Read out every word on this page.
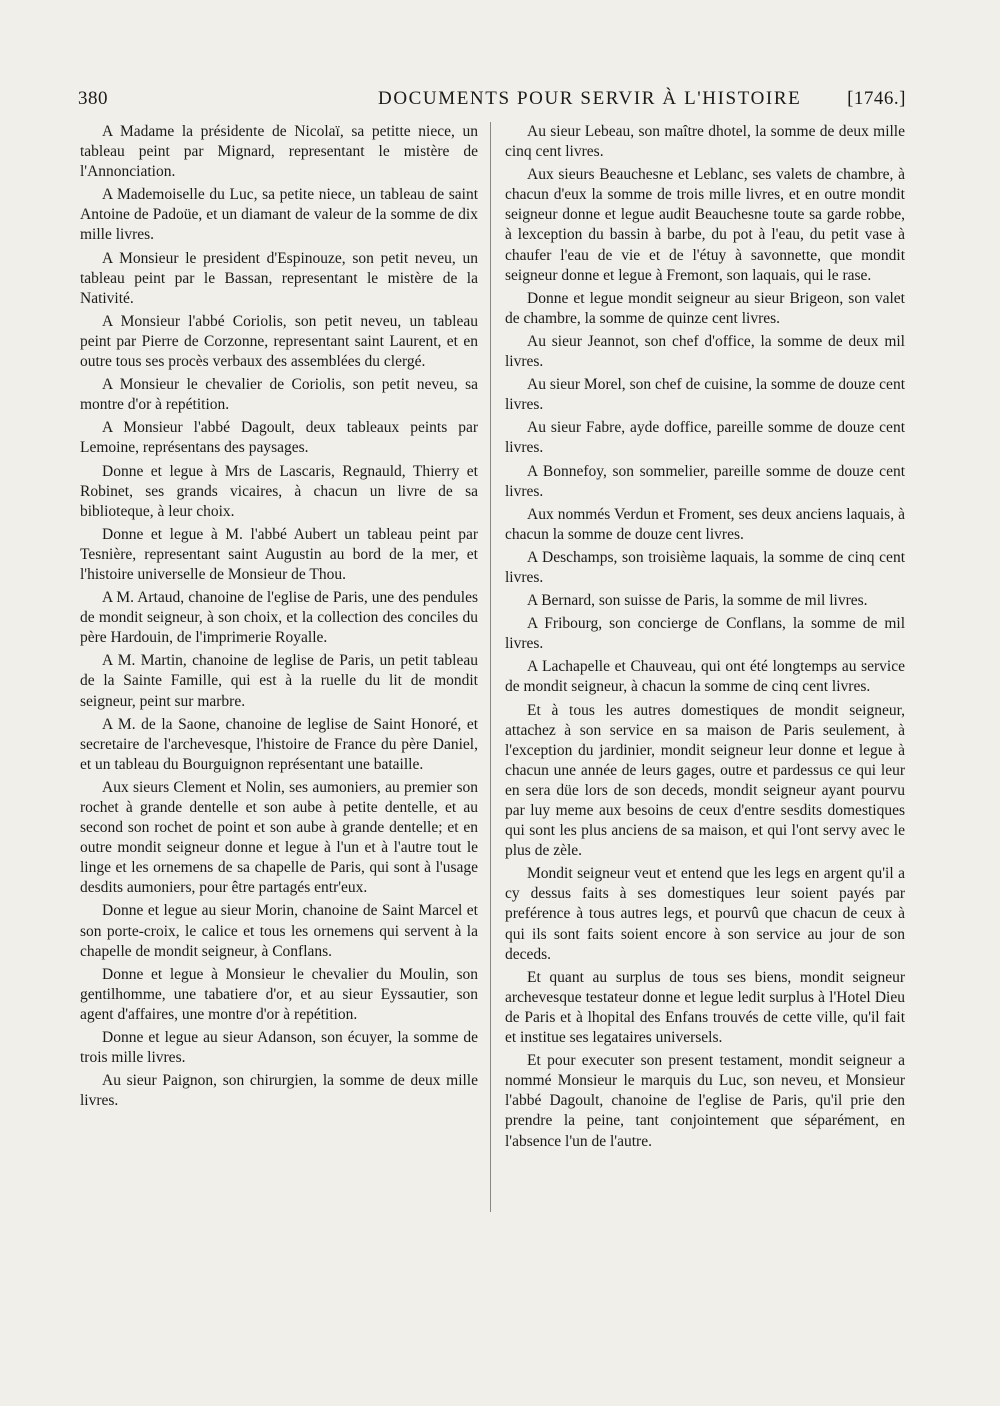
380	DOCUMENTS POUR SERVIR À L'HISTOIRE [1746.]

A Madame la présidente de Nicolaï, sa petitte niece, un tableau peint par Mignard, representant le mistère de l'Annonciation.

A Mademoiselle du Luc, sa petite niece, un tableau de saint Antoine de Padoüe, et un diamant de valeur de la somme de dix mille livres.

A Monsieur le president d'Espinouze, son petit neveu, un tableau peint par le Bassan, representant le mistère de la Nativité.

A Monsieur l'abbé Coriolis, son petit neveu, un tableau peint par Pierre de Corzonne, representant saint Laurent, et en outre tous ses procès verbaux des assemblées du clergé.

A Monsieur le chevalier de Coriolis, son petit neveu, sa montre d'or à repétition.

A Monsieur l'abbé Dagoult, deux tableaux peints par Lemoine, représentans des paysages.

Donne et legue à Mrs de Lascaris, Regnauld, Thierry et Robinet, ses grands vicaires, à chacun un livre de sa biblioteque, à leur choix.

Donne et legue à M. l'abbé Aubert un tableau peint par Tesnière, representant saint Augustin au bord de la mer, et l'histoire universelle de Monsieur de Thou.

A M. Artaud, chanoine de l'eglise de Paris, une des pendules de mondit seigneur, à son choix, et la collection des conciles du père Hardouin, de l'imprimerie Royalle.

A M. Martin, chanoine de leglise de Paris, un petit tableau de la Sainte Famille, qui est à la ruelle du lit de mondit seigneur, peint sur marbre.

A M. de la Saone, chanoine de leglise de Saint Honoré, et secretaire de l'archevesque, l'histoire de France du père Daniel, et un tableau du Bourguignon représentant une bataille.

Aux sieurs Clement et Nolin, ses aumoniers, au premier son rochet à grande dentelle et son aube à petite dentelle, et au second son rochet de point et son aube à grande dentelle; et en outre mondit seigneur donne et legue à l'un et à l'autre tout le linge et les ornemens de sa chapelle de Paris, qui sont à l'usage desdits aumoniers, pour être partagés entr'eux.

Donne et legue au sieur Morin, chanoine de Saint Marcel et son porte-croix, le calice et tous les ornemens qui servent à la chapelle de mondit seigneur, à Conflans.

Donne et legue à Monsieur le chevalier du Moulin, son gentilhomme, une tabatiere d'or, et au sieur Eyssautier, son agent d'affaires, une montre d'or à repétition.

Donne et legue au sieur Adanson, son écuyer, la somme de trois mille livres.

Au sieur Paignon, son chirurgien, la somme de deux mille livres.

Au sieur Lebeau, son maître dhotel, la somme de deux mille cinq cent livres.

Aux sieurs Beauchesne et Leblanc, ses valets de chambre, à chacun d'eux la somme de trois mille livres, et en outre mondit seigneur donne et legue audit Beauchesne toute sa garde robbe, à lexception du bassin à barbe, du pot à l'eau, du petit vase à chaufer l'eau de vie et de l'étuy à savonnette, que mondit seigneur donne et legue à Fremont, son laquais, qui le rase.

Donne et legue mondit seigneur au sieur Brigeon, son valet de chambre, la somme de quinze cent livres.

Au sieur Jeannot, son chef d'office, la somme de deux mil livres.

Au sieur Morel, son chef de cuisine, la somme de douze cent livres.

Au sieur Fabre, ayde doffice, pareille somme de douze cent livres.

A Bonnefoy, son sommelier, pareille somme de douze cent livres.

Aux nommés Verdun et Froment, ses deux anciens laquais, à chacun la somme de douze cent livres.

A Deschamps, son troisième laquais, la somme de cinq cent livres.

A Bernard, son suisse de Paris, la somme de mil livres.

A Fribourg, son concierge de Conflans, la somme de mil livres.

A Lachapelle et Chauveau, qui ont été longtemps au service de mondit seigneur, à chacun la somme de cinq cent livres.

Et à tous les autres domestiques de mondit seigneur, attachez à son service en sa maison de Paris seulement, à l'exception du jardinier, mondit seigneur leur donne et legue à chacun une année de leurs gages, outre et pardessus ce qui leur en sera düe lors de son deceds, mondit seigneur ayant pourvu par luy meme aux besoins de ceux d'entre sesdits domestiques qui sont les plus anciens de sa maison, et qui l'ont servy avec le plus de zèle.

Mondit seigneur veut et entend que les legs en argent qu'il a cy dessus faits à ses domestiques leur soient payés par preférence à tous autres legs, et pourvû que chacun de ceux à qui ils sont faits soient encore à son service au jour de son deceds.

Et quant au surplus de tous ses biens, mondit seigneur archevesque testateur donne et legue ledit surplus à l'Hotel Dieu de Paris et à lhopital des Enfans trouvés de cette ville, qu'il fait et institue ses legataires universels.

Et pour executer son present testament, mondit seigneur a nommé Monsieur le marquis du Luc, son neveu, et Monsieur l'abbé Dagoult, chanoine de l'eglise de Paris, qu'il prie den prendre la peine, tant conjointement que séparément, en l'absence l'un de l'autre.
